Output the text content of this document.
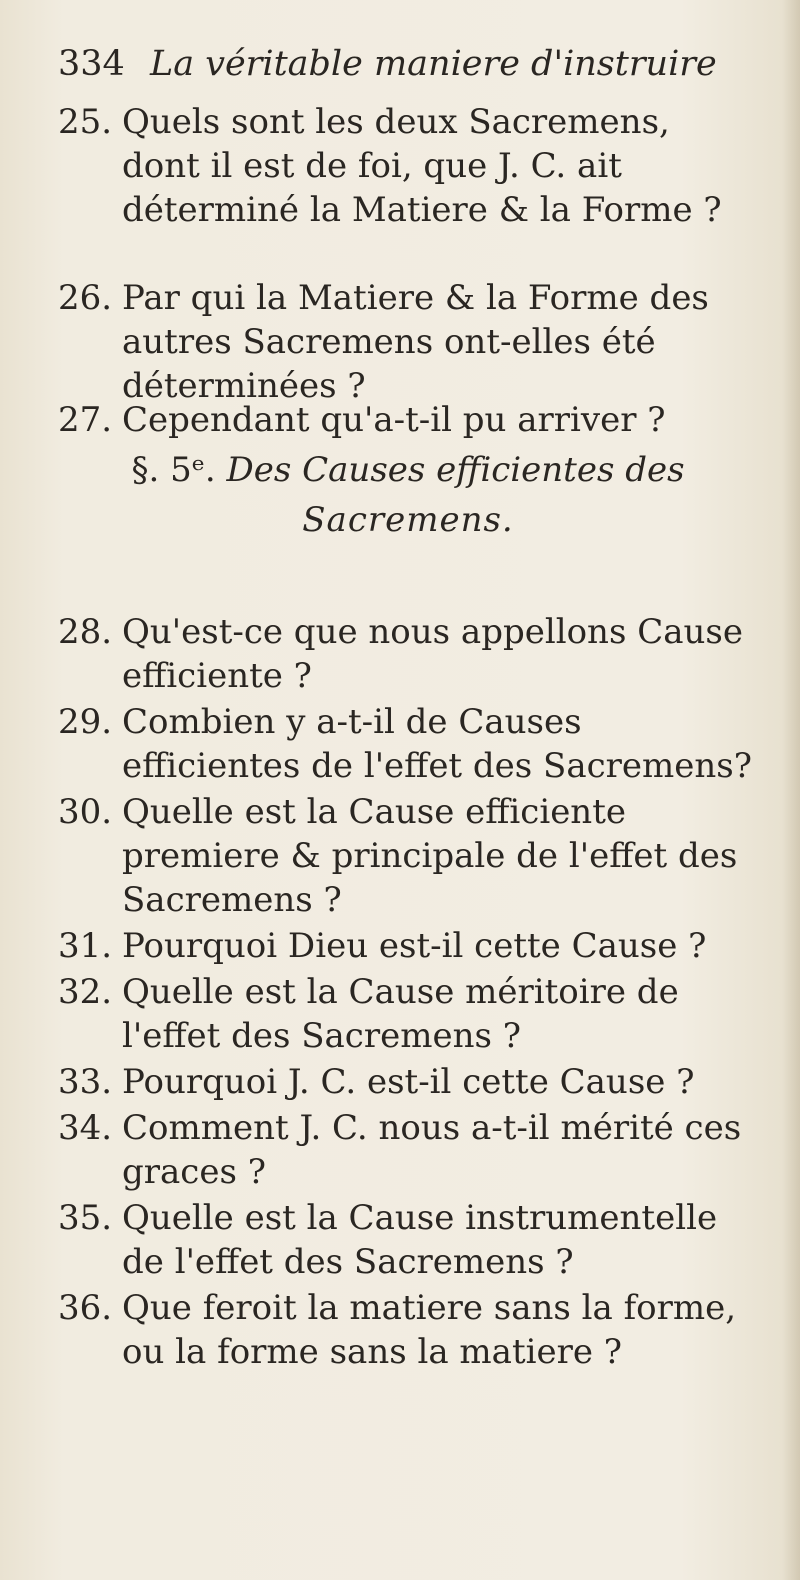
334 La véritable maniere d'instruire
25. Quels sont les deux Sacremens, dont il est de foi, que J. C. ait déterminé la Matiere & la Forme ?
26. Par qui la Matiere & la Forme des autres Sacremens ont-elles été déterminées ?
27. Cependant qu'a-t-il pu arriver ?
§. 5ᵉ. Des Causes efficientes des
Sacremens.
28. Qu'est-ce que nous appellons Cause efficiente ?
29. Combien y a-t-il de Causes efficientes de l'effet des Sacremens?
30. Quelle est la Cause efficiente premiere & principale de l'effet des Sacremens ?
31. Pourquoi Dieu est-il cette Cause ?
32. Quelle est la Cause méritoire de l'effet des Sacremens ?
33. Pourquoi J. C. est-il cette Cause ?
34. Comment J. C. nous a-t-il mérité ces graces ?
35. Quelle est la Cause instrumentelle de l'effet des Sacremens ?
36. Que feroit la matiere sans la forme, ou la forme sans la matiere ?
